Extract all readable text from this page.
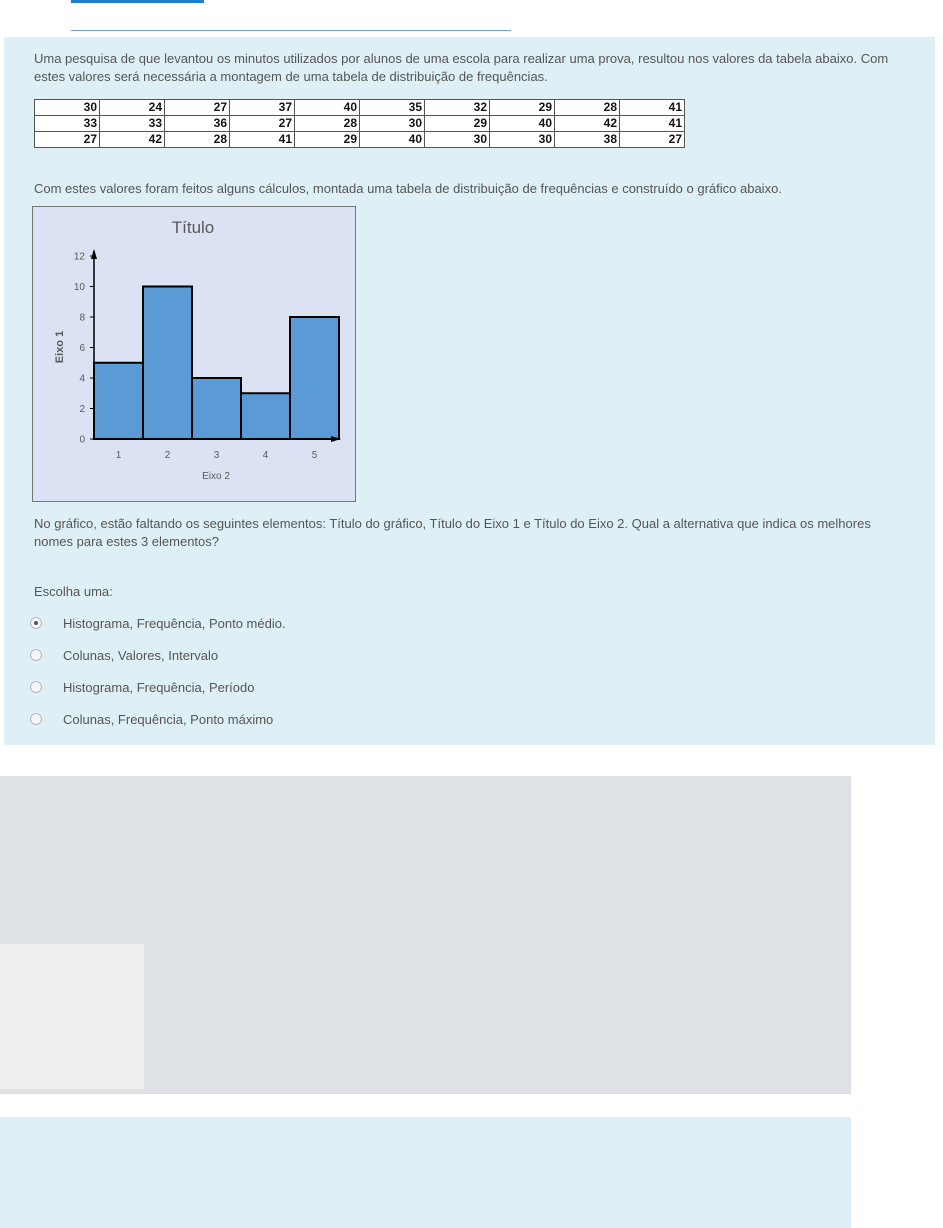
Uma pesquisa de que levantou os minutos utilizados por alunos de uma escola para realizar uma prova, resultou nos valores da tabela abaixo. Com estes valores será necessária a montagem de uma tabela de distribuição de frequências.

30	24	27	37	40	35	32	29	28	41
33	33	36	27	28	30	29	40	42	41
27	42	28	41	29	40	30	30	38	27

Com estes valores foram feitos alguns cálculos, montada uma tabela de distribuição de frequências e construído o gráfico abaixo.

Título
0
2
4
6
8
10
12
1	2	3	4	5
Eixo 2
Eixo 1

No gráfico, estão faltando os seguintes elementos: Título do gráfico, Título do Eixo 1 e Título do Eixo 2. Qual a alternativa que indica os melhores nomes para estes 3 elementos?

Escolha uma:

Histograma, Frequência, Ponto médio.
Colunas, Valores, Intervalo
Histograma, Frequência, Período
Colunas, Frequência, Ponto máximo
